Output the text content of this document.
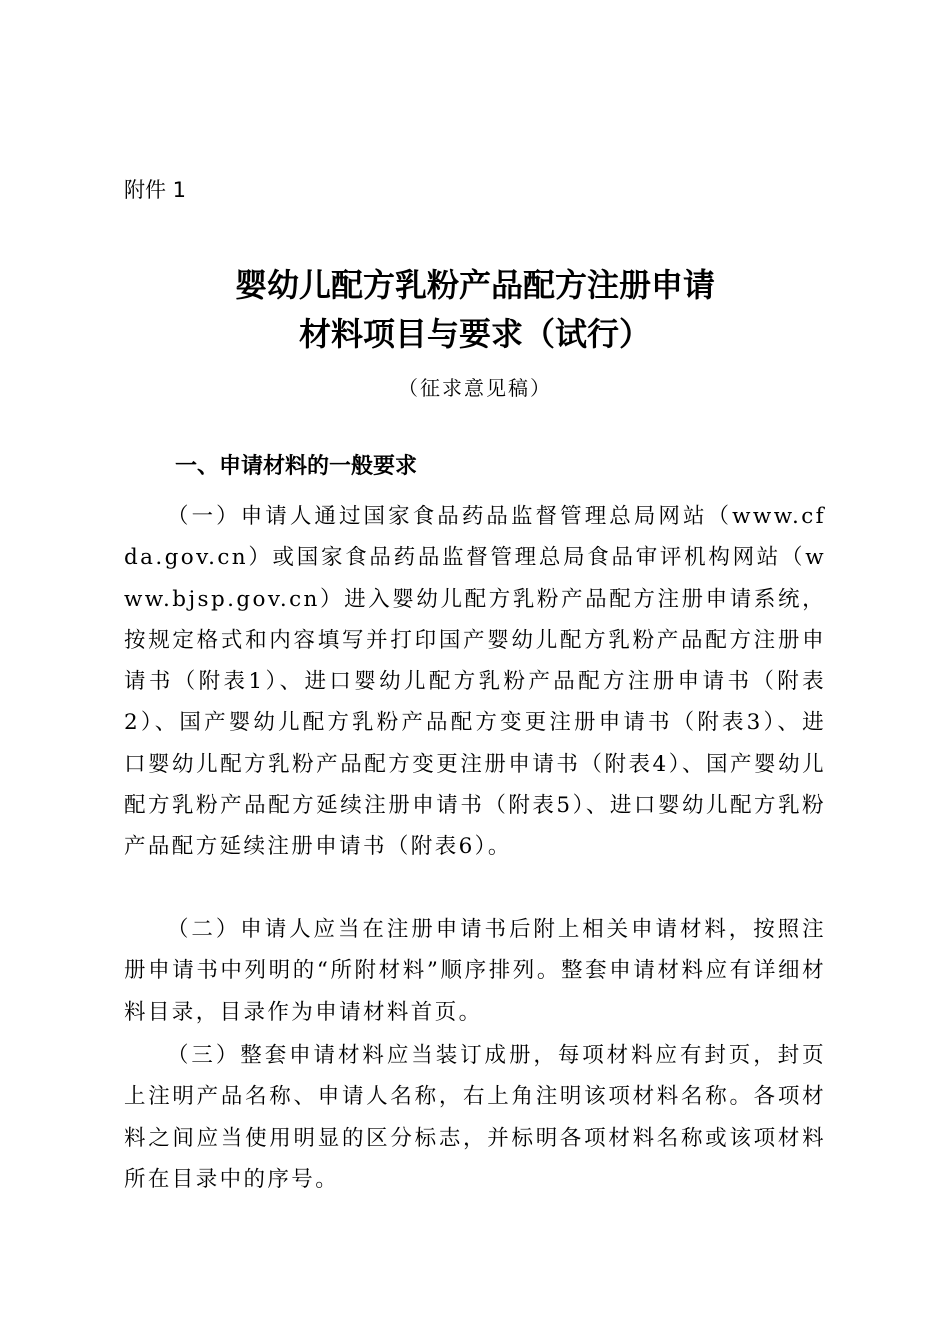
附件 1

婴幼儿配方乳粉产品配方注册申请
材料项目与要求（试行）

（征求意见稿）

一、申请材料的一般要求

（一）申请人通过国家食品药品监督管理总局网站（www.cfda.gov.cn）或国家食品药品监督管理总局食品审评机构网站（www.bjsp.gov.cn）进入婴幼儿配方乳粉产品配方注册申请系统，按规定格式和内容填写并打印国产婴幼儿配方乳粉产品配方注册申请书（附表1）、进口婴幼儿配方乳粉产品配方注册申请书（附表2）、国产婴幼儿配方乳粉产品配方变更注册申请书（附表3）、进口婴幼儿配方乳粉产品配方变更注册申请书（附表4）、国产婴幼儿配方乳粉产品配方延续注册申请书（附表5）、进口婴幼儿配方乳粉产品配方延续注册申请书（附表6）。

（二）申请人应当在注册申请书后附上相关申请材料，按照注册申请书中列明的“所附材料”顺序排列。整套申请材料应有详细材料目录，目录作为申请材料首页。

（三）整套申请材料应当装订成册，每项材料应有封页，封页上注明产品名称、申请人名称，右上角注明该项材料名称。各项材料之间应当使用明显的区分标志，并标明各项材料名称或该项材料所在目录中的序号。
